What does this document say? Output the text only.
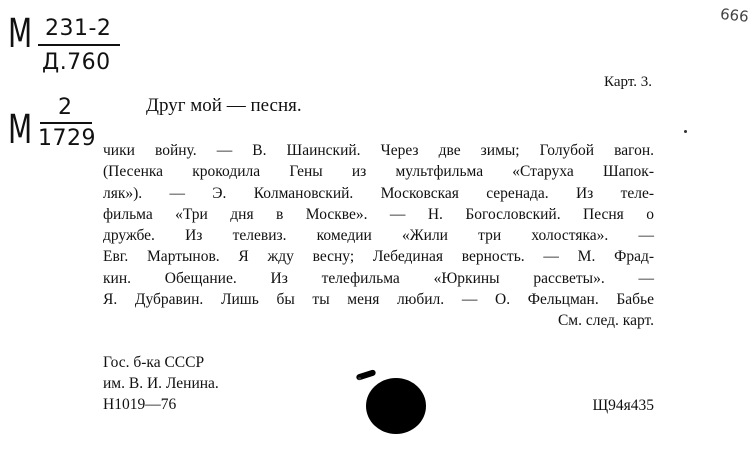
М 231-2
Д.760
М 2
1729
666
Карт. 3.
Друг мой — песня.
чики войну. — В. Шаинский. Через две зимы; Голубой вагон.
(Песенка крокодила Гены из мультфильма «Старуха Шапок-
ляк»). — Э. Колмановский. Московская серенада. Из теле-
фильма «Три дня в Москве». — Н. Богословский. Песня о
дружбе. Из телевиз. комедии «Жили три холостяка». —
Евг. Мартынов. Я жду весну; Лебединая верность. — М. Фрад-
кин. Обещание. Из телефильма «Юркины рассветы». —
Я. Дубравин. Лишь бы ты меня любил. — О. Фельцман. Бабье
См. след. карт.
Гос. б-ка СССР
им. В. И. Ленина.
Н1019—76	Щ94я435
